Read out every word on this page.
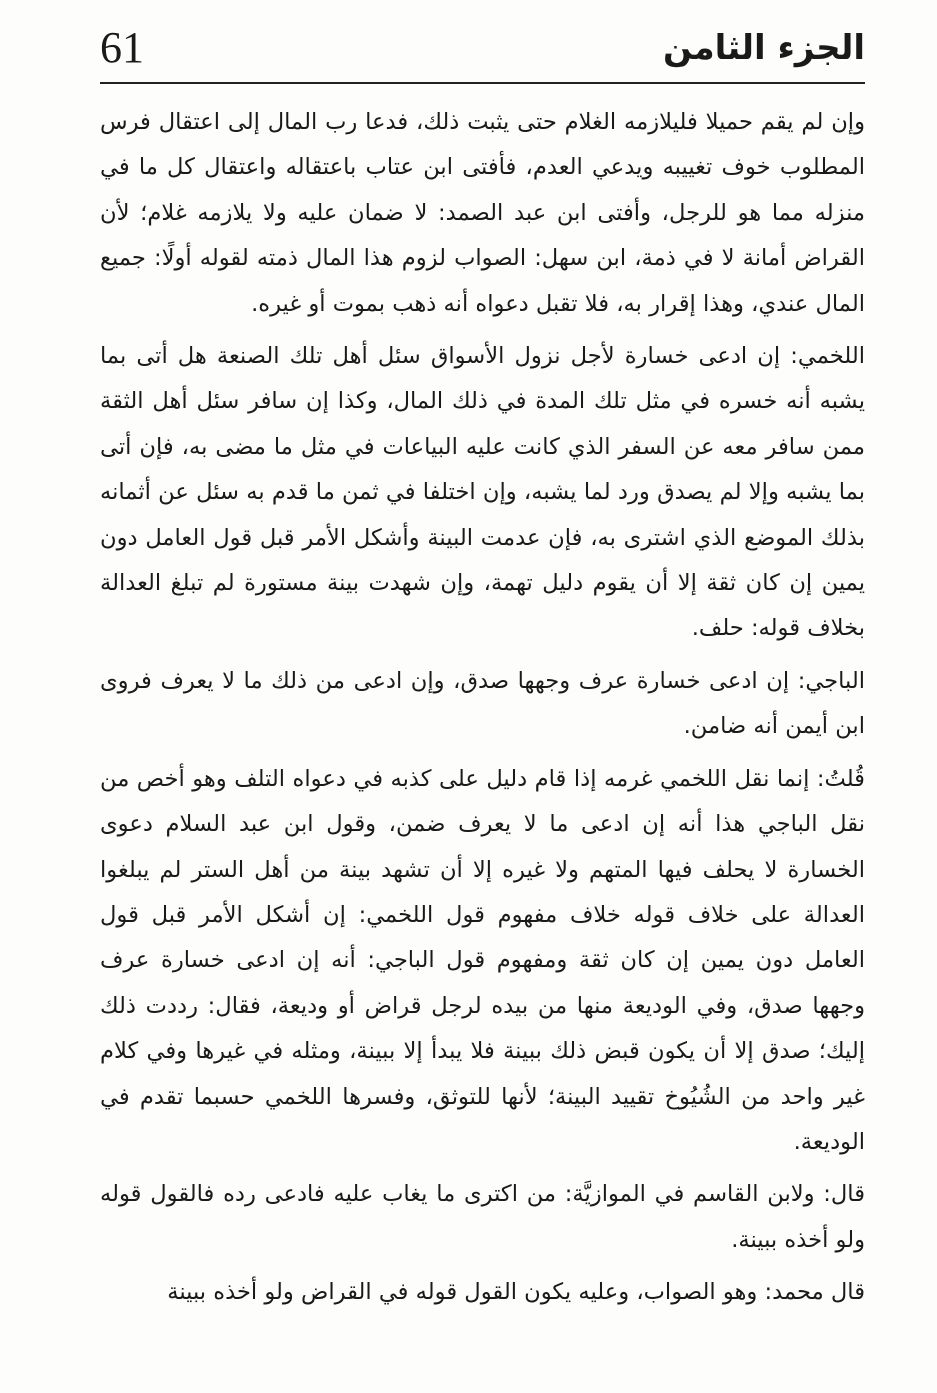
الجزء الثامن
61

وإن لم يقم حميلا فليلازمه الغلام حتى يثبت ذلك، فدعا رب المال إلى اعتقال فرس المطلوب خوف تغييبه ويدعي العدم، فأفتى ابن عتاب باعتقاله واعتقال كل ما في منزله مما هو للرجل، وأفتى ابن عبد الصمد: لا ضمان عليه ولا يلازمه غلام؛ لأن القراض أمانة لا في ذمة، ابن سهل: الصواب لزوم هذا المال ذمته لقوله أولًا: جميع المال عندي، وهذا إقرار به، فلا تقبل دعواه أنه ذهب بموت أو غيره.

اللخمي: إن ادعى خسارة لأجل نزول الأسواق سئل أهل تلك الصنعة هل أتى بما يشبه أنه خسره في مثل تلك المدة في ذلك المال، وكذا إن سافر سئل أهل الثقة ممن سافر معه عن السفر الذي كانت عليه البياعات في مثل ما مضى به، فإن أتى بما يشبه وإلا لم يصدق ورد لما يشبه، وإن اختلفا في ثمن ما قدم به سئل عن أثمانه بذلك الموضع الذي اشترى به، فإن عدمت البينة وأشكل الأمر قبل قول العامل دون يمين إن كان ثقة إلا أن يقوم دليل تهمة، وإن شهدت بينة مستورة لم تبلغ العدالة بخلاف قوله: حلف.

الباجي: إن ادعى خسارة عرف وجهها صدق، وإن ادعى من ذلك ما لا يعرف فروى ابن أيمن أنه ضامن.

قُلتُ: إنما نقل اللخمي غرمه إذا قام دليل على كذبه في دعواه التلف وهو أخص من نقل الباجي هذا أنه إن ادعى ما لا يعرف ضمن، وقول ابن عبد السلام دعوى الخسارة لا يحلف فيها المتهم ولا غيره إلا أن تشهد بينة من أهل الستر لم يبلغوا العدالة على خلاف قوله خلاف مفهوم قول اللخمي: إن أشكل الأمر قبل قول العامل دون يمين إن كان ثقة ومفهوم قول الباجي: أنه إن ادعى خسارة عرف وجهها صدق، وفي الوديعة منها من بيده لرجل قراض أو وديعة، فقال: رددت ذلك إليك؛ صدق إلا أن يكون قبض ذلك ببينة فلا يبدأ إلا ببينة، ومثله في غيرها وفي كلام غير واحد من الشُيُوخ تقييد البينة؛ لأنها للتوثق، وفسرها اللخمي حسبما تقدم في الوديعة.

قال: ولابن القاسم في الموازيَّة: من اكترى ما يغاب عليه فادعى رده فالقول قوله ولو أخذه ببينة.

قال محمد: وهو الصواب، وعليه يكون القول قوله في القراض ولو أخذه ببينة
